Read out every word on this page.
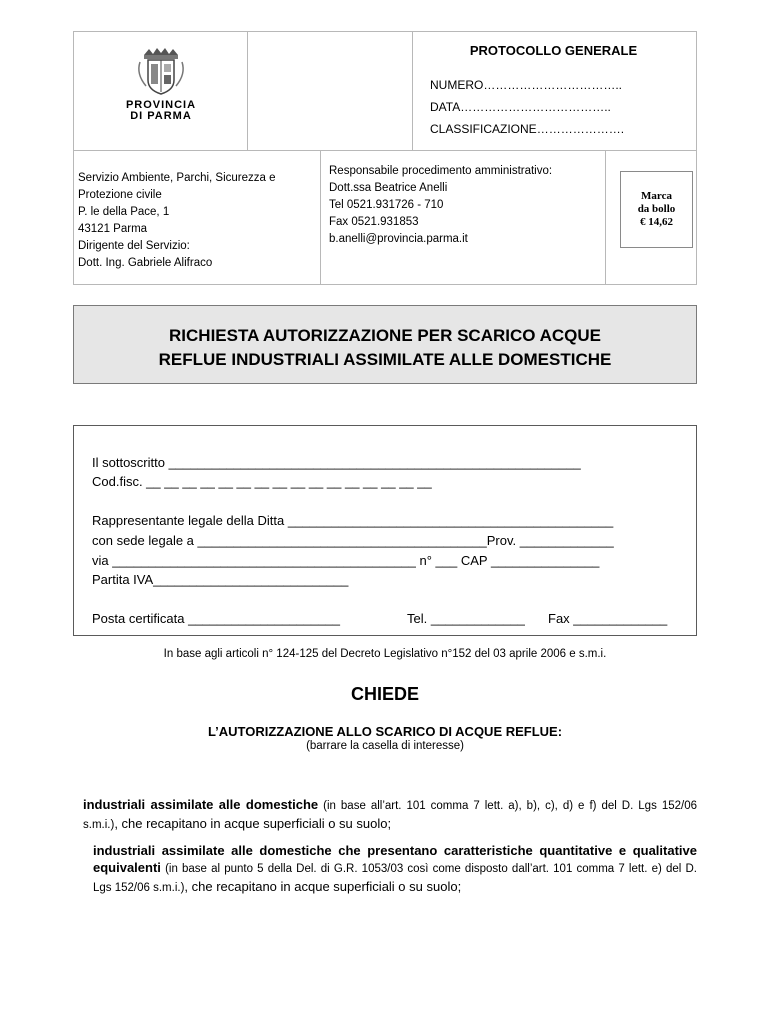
PROVINCIA
DI PARMA
PROTOCOLLO GENERALE
NUMERO……………………………..
DATA………………………………..
CLASSIFICAZIONE………………….
Servizio Ambiente, Parchi, Sicurezza e
Protezione civile
P. le della Pace, 1
43121 Parma
Dirigente del Servizio:
Dott. Ing. Gabriele Alifraco
Responsabile procedimento amministrativo:
Dott.ssa Beatrice Anelli
Tel 0521.931726 - 710
Fax 0521.931853
b.anelli@provincia.parma.it
Marca
da bollo
€ 14,62
RICHIESTA AUTORIZZAZIONE PER SCARICO ACQUE
REFLUE INDUSTRIALI ASSIMILATE ALLE DOMESTICHE
Il sottoscritto _________________________________________________________
Cod.fisc. __ __ __ __ __ __ __ __ __ __ __ __ __ __ __ __
Rappresentante legale della Ditta _____________________________________________
con sede legale a ________________________________________Prov. _____________
via __________________________________________ n° ___ CAP _______________
Partita IVA___________________________
Posta certificata _____________________	Tel. _____________ Fax _____________
In base agli articoli n° 124-125 del Decreto Legislativo n°152 del 03 aprile 2006 e s.m.i.
CHIEDE
L’AUTORIZZAZIONE ALLO SCARICO DI ACQUE REFLUE:
(barrare la casella di interesse)
industriali assimilate alle domestiche (in base all’art. 101 comma 7 lett. a), b), c), d) e f) del D. Lgs 152/06 s.m.i.), che recapitano in acque superficiali o su suolo;
industriali assimilate alle domestiche che presentano caratteristiche quantitative e qualitative equivalenti (in base al punto 5 della Del. di G.R. 1053/03 così come disposto dall’art. 101 comma 7 lett. e) del D. Lgs 152/06 s.m.i.), che recapitano in acque superficiali o su suolo;
